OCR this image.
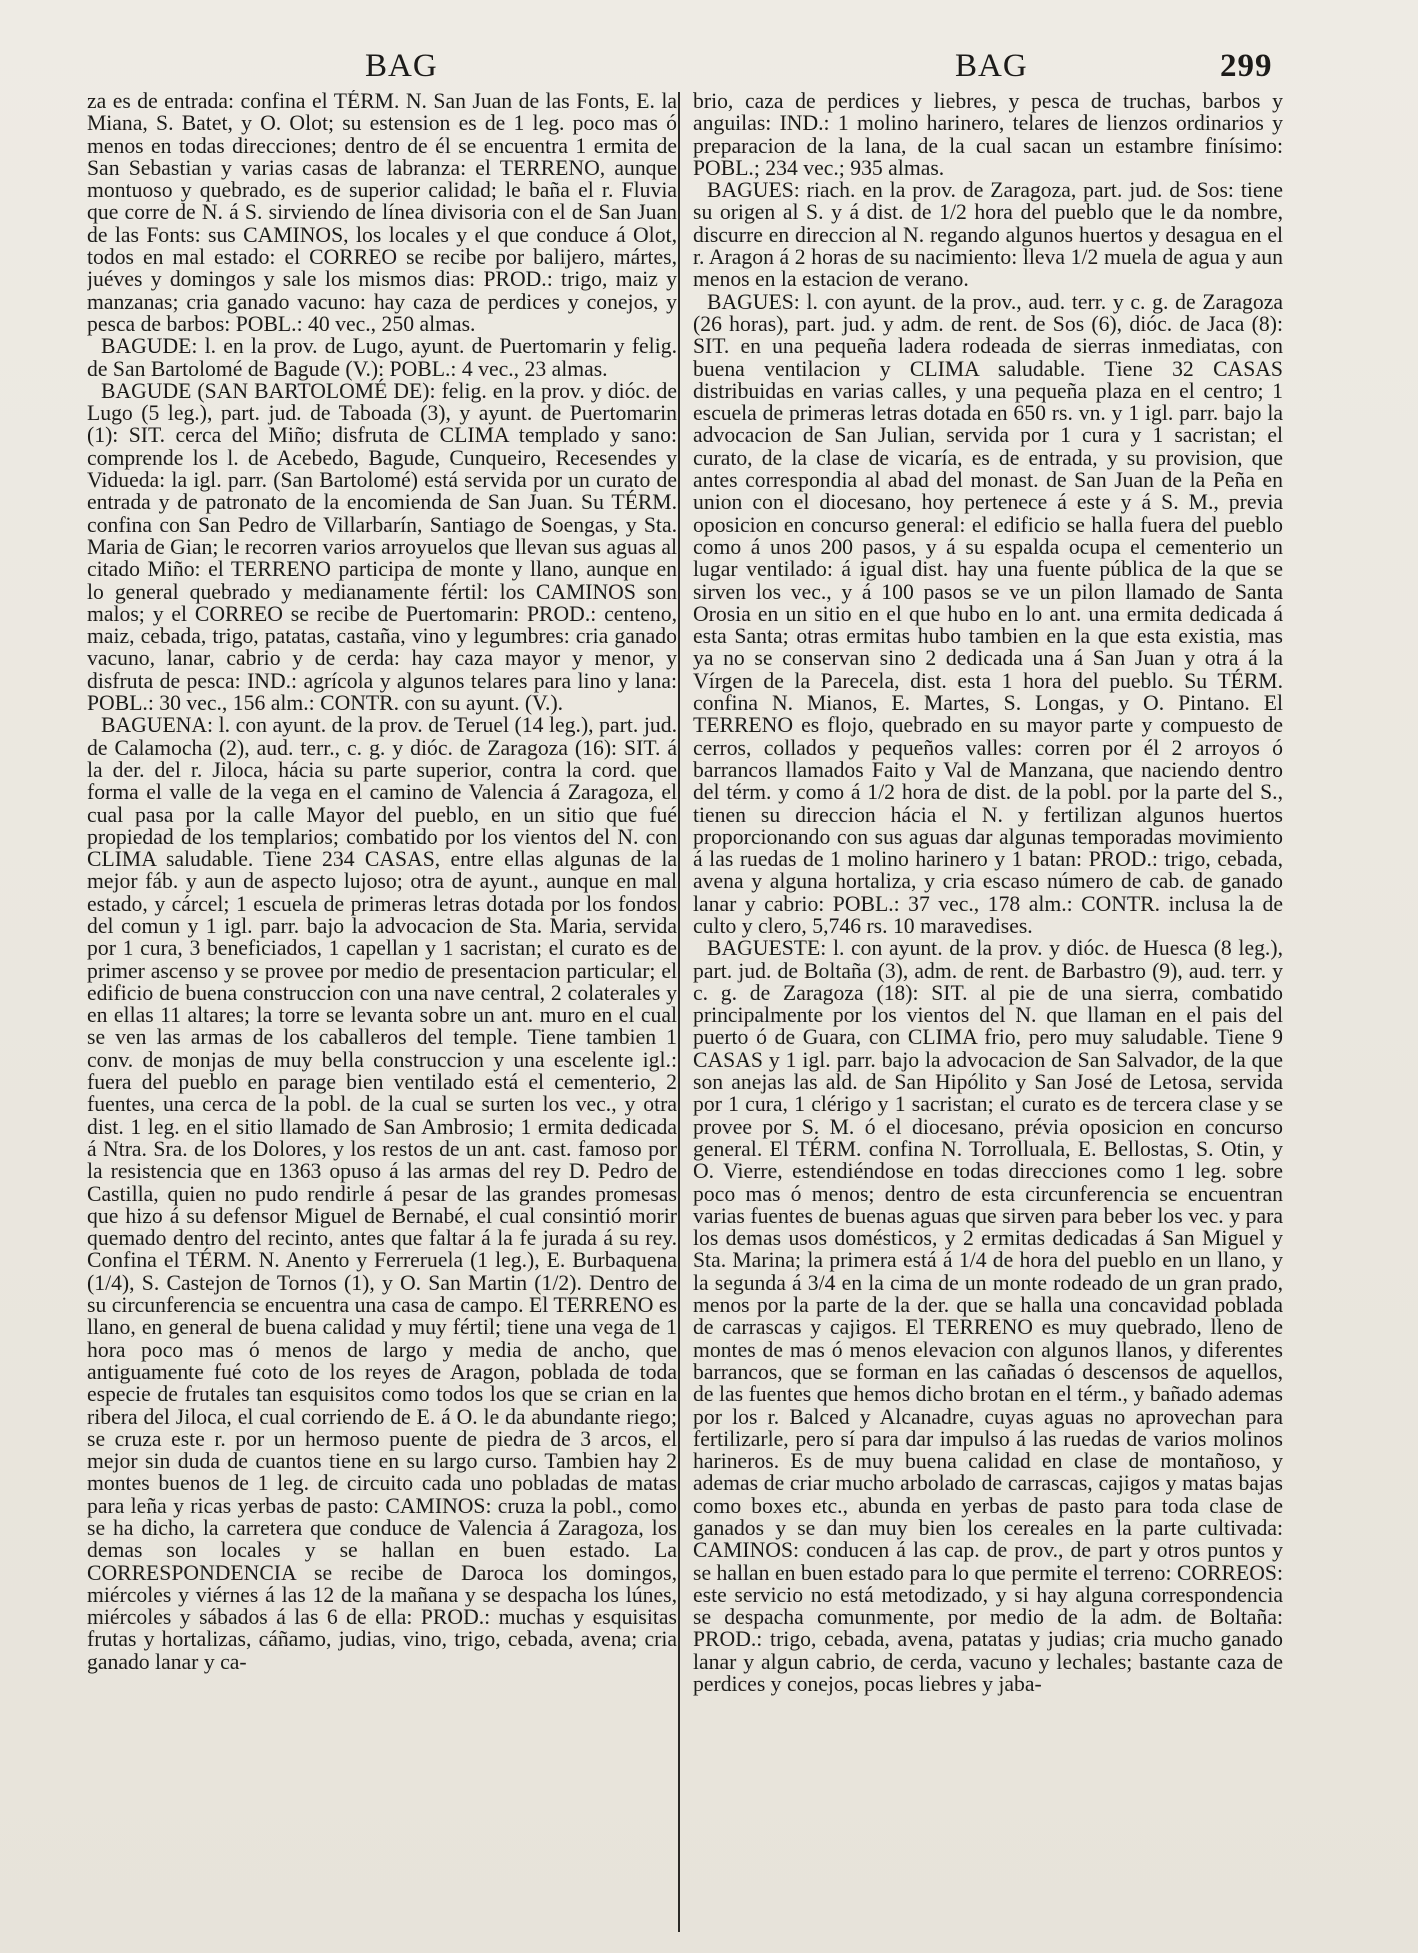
BAG	BAG	299

za es de entrada: confina el TÉRM. N. San Juan de las Fonts, E. la Miana, S. Batet, y O. Olot; su estension es de 1 leg. poco mas ó menos en todas direcciones; dentro de él se encuentra 1 ermita de San Sebastian y varias casas de labranza: el TERRENO, aunque montuoso y quebrado, es de superior calidad; le baña el r. Fluvia que corre de N. á S. sirviendo de línea divisoria con el de San Juan de las Fonts: sus CAMINOS, los locales y el que conduce á Olot, todos en mal estado: el CORREO se recibe por balijero, mártes, juéves y domingos y sale los mismos dias: PROD.: trigo, maiz y manzanas; cria ganado vacuno: hay caza de perdices y conejos, y pesca de barbos: POBL.: 40 vec., 250 almas.

BAGUDE: l. en la prov. de Lugo, ayunt. de Puertomarin y felig. de San Bartolomé de Bagude (V.): POBL.: 4 vec., 23 almas.

BAGUDE (SAN BARTOLOMÉ DE): felig. en la prov. y dióc. de Lugo (5 leg.), part. jud. de Taboada (3), y ayunt. de Puertomarin (1): SIT. cerca del Miño; disfruta de CLIMA templado y sano: comprende los l. de Acebedo, Bagude, Cunqueiro, Recesendes y Vidueda: la igl. parr. (San Bartolomé) está servida por un curato de entrada y de patronato de la encomienda de San Juan. Su TÉRM. confina con San Pedro de Villarbarín, Santiago de Soengas, y Sta. Maria de Gian; le recorren varios arroyuelos que llevan sus aguas al citado Miño: el TERRENO participa de monte y llano, aunque en lo general quebrado y medianamente fértil: los CAMINOS son malos; y el CORREO se recibe de Puertomarin: PROD.: centeno, maiz, cebada, trigo, patatas, castaña, vino y legumbres: cria ganado vacuno, lanar, cabrio y de cerda: hay caza mayor y menor, y disfruta de pesca: IND.: agrícola y algunos telares para lino y lana: POBL.: 30 vec., 156 alm.: CONTR. con su ayunt. (V.).

BAGUENA: l. con ayunt. de la prov. de Teruel (14 leg.), part. jud. de Calamocha (2), aud. terr., c. g. y dióc. de Zaragoza (16): SIT. á la der. del r. Jiloca, hácia su parte superior, contra la cord. que forma el valle de la vega en el camino de Valencia á Zaragoza, el cual pasa por la calle Mayor del pueblo, en un sitio que fué propiedad de los templarios; combatido por los vientos del N. con CLIMA saludable. Tiene 234 CASAS, entre ellas algunas de la mejor fáb. y aun de aspecto lujoso; otra de ayunt., aunque en mal estado, y cárcel; 1 escuela de primeras letras dotada por los fondos del comun y 1 igl. parr. bajo la advocacion de Sta. Maria, servida por 1 cura, 3 beneficiados, 1 capellan y 1 sacristan; el curato es de primer ascenso y se provee por medio de presentacion particular; el edificio de buena construccion con una nave central, 2 colaterales y en ellas 11 altares; la torre se levanta sobre un ant. muro en el cual se ven las armas de los caballeros del temple. Tiene tambien 1 conv. de monjas de muy bella construccion y una escelente igl.: fuera del pueblo en parage bien ventilado está el cementerio, 2 fuentes, una cerca de la pobl. de la cual se surten los vec., y otra dist. 1 leg. en el sitio llamado de San Ambrosio; 1 ermita dedicada á Ntra. Sra. de los Dolores, y los restos de un ant. cast. famoso por la resistencia que en 1363 opuso á las armas del rey D. Pedro de Castilla, quien no pudo rendirle á pesar de las grandes promesas que hizo á su defensor Miguel de Bernabé, el cual consintió morir quemado dentro del recinto, antes que faltar á la fe jurada á su rey. Confina el TÉRM. N. Anento y Ferreruela (1 leg.), E. Burbaquena (1/4), S. Castejon de Tornos (1), y O. San Martin (1/2). Dentro de su circunferencia se encuentra una casa de campo. El TERRENO es llano, en general de buena calidad y muy fértil; tiene una vega de 1 hora poco mas ó menos de largo y media de ancho, que antiguamente fué coto de los reyes de Aragon, poblada de toda especie de frutales tan esquisitos como todos los que se crian en la ribera del Jiloca, el cual corriendo de E. á O. le da abundante riego; se cruza este r. por un hermoso puente de piedra de 3 arcos, el mejor sin duda de cuantos tiene en su largo curso. Tambien hay 2 montes buenos de 1 leg. de circuito cada uno pobladas de matas para leña y ricas yerbas de pasto: CAMINOS: cruza la pobl., como se ha dicho, la carretera que conduce de Valencia á Zaragoza, los demas son locales y se hallan en buen estado. La CORRESPONDENCIA se recibe de Daroca los domingos, miércoles y viérnes á las 12 de la mañana y se despacha los lúnes, miércoles y sábados á las 6 de ella: PROD.: muchas y esquisitas frutas y hortalizas, cáñamo, judias, vino, trigo, cebada, avena; cria ganado lanar y ca-

brio, caza de perdices y liebres, y pesca de truchas, barbos y anguilas: IND.: 1 molino harinero, telares de lienzos ordinarios y preparacion de la lana, de la cual sacan un estambre finísimo: POBL.; 234 vec.; 935 almas.

BAGUES: riach. en la prov. de Zaragoza, part. jud. de Sos: tiene su origen al S. y á dist. de 1/2 hora del pueblo que le da nombre, discurre en direccion al N. regando algunos huertos y desagua en el r. Aragon á 2 horas de su nacimiento: lleva 1/2 muela de agua y aun menos en la estacion de verano.

BAGUES: l. con ayunt. de la prov., aud. terr. y c. g. de Zaragoza (26 horas), part. jud. y adm. de rent. de Sos (6), dióc. de Jaca (8): SIT. en una pequeña ladera rodeada de sierras inmediatas, con buena ventilacion y CLIMA saludable. Tiene 32 CASAS distribuidas en varias calles, y una pequeña plaza en el centro; 1 escuela de primeras letras dotada en 650 rs. vn. y 1 igl. parr. bajo la advocacion de San Julian, servida por 1 cura y 1 sacristan; el curato, de la clase de vicaría, es de entrada, y su provision, que antes correspondia al abad del monast. de San Juan de la Peña en union con el diocesano, hoy pertenece á este y á S. M., previa oposicion en concurso general: el edificio se halla fuera del pueblo como á unos 200 pasos, y á su espalda ocupa el cementerio un lugar ventilado: á igual dist. hay una fuente pública de la que se sirven los vec., y á 100 pasos se ve un pilon llamado de Santa Orosia en un sitio en el que hubo en lo ant. una ermita dedicada á esta Santa; otras ermitas hubo tambien en la que esta existia, mas ya no se conservan sino 2 dedicada una á San Juan y otra á la Vírgen de la Parecela, dist. esta 1 hora del pueblo. Su TÉRM. confina N. Mianos, E. Martes, S. Longas, y O. Pintano. El TERRENO es flojo, quebrado en su mayor parte y compuesto de cerros, collados y pequeños valles: corren por él 2 arroyos ó barrancos llamados Faito y Val de Manzana, que naciendo dentro del térm. y como á 1/2 hora de dist. de la pobl. por la parte del S., tienen su direccion hácia el N. y fertilizan algunos huertos proporcionando con sus aguas dar algunas temporadas movimiento á las ruedas de 1 molino harinero y 1 batan: PROD.: trigo, cebada, avena y alguna hortaliza, y cria escaso número de cab. de ganado lanar y cabrio: POBL.: 37 vec., 178 alm.: CONTR. inclusa la de culto y clero, 5,746 rs. 10 maravedises.

BAGUESTE: l. con ayunt. de la prov. y dióc. de Huesca (8 leg.), part. jud. de Boltaña (3), adm. de rent. de Barbastro (9), aud. terr. y c. g. de Zaragoza (18): SIT. al pie de una sierra, combatido principalmente por los vientos del N. que llaman en el pais del puerto ó de Guara, con CLIMA frio, pero muy saludable. Tiene 9 CASAS y 1 igl. parr. bajo la advocacion de San Salvador, de la que son anejas las ald. de San Hipólito y San José de Letosa, servida por 1 cura, 1 clérigo y 1 sacristan; el curato es de tercera clase y se provee por S. M. ó el diocesano, prévia oposicion en concurso general. El TÉRM. confina N. Torrolluala, E. Bellostas, S. Otin, y O. Vierre, estendiéndose en todas direcciones como 1 leg. sobre poco mas ó menos; dentro de esta circunferencia se encuentran varias fuentes de buenas aguas que sirven para beber los vec. y para los demas usos domésticos, y 2 ermitas dedicadas á San Miguel y Sta. Marina; la primera está á 1/4 de hora del pueblo en un llano, y la segunda á 3/4 en la cima de un monte rodeado de un gran prado, menos por la parte de la der. que se halla una concavidad poblada de carrascas y cajigos. El TERRENO es muy quebrado, lleno de montes de mas ó menos elevacion con algunos llanos, y diferentes barrancos, que se forman en las cañadas ó descensos de aquellos, de las fuentes que hemos dicho brotan en el térm., y bañado ademas por los r. Balced y Alcanadre, cuyas aguas no aprovechan para fertilizarle, pero sí para dar impulso á las ruedas de varios molinos harineros. Es de muy buena calidad en clase de montañoso, y ademas de criar mucho arbolado de carrascas, cajigos y matas bajas como boxes etc., abunda en yerbas de pasto para toda clase de ganados y se dan muy bien los cereales en la parte cultivada: CAMINOS: conducen á las cap. de prov., de part y otros puntos y se hallan en buen estado para lo que permite el terreno: CORREOS: este servicio no está metodizado, y si hay alguna correspondencia se despacha comunmente, por medio de la adm. de Boltaña: PROD.: trigo, cebada, avena, patatas y judias; cria mucho ganado lanar y algun cabrio, de cerda, vacuno y lechales; bastante caza de perdices y conejos, pocas liebres y jaba-
